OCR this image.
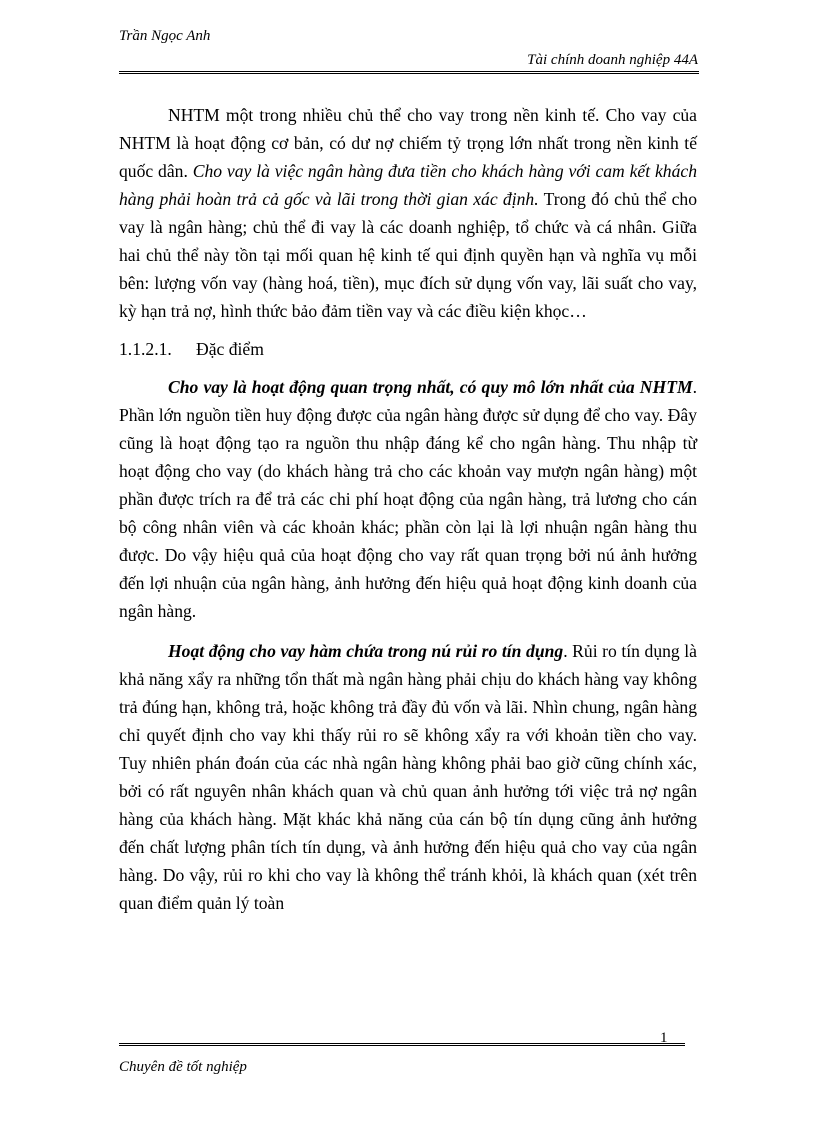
Trần Ngọc Anh
Tài chính doanh nghiệp 44A

NHTM một trong nhiều chủ thể cho vay trong nền kinh tế. Cho vay của NHTM là hoạt động cơ bản, có dư nợ chiếm tỷ trọng lớn nhất trong nền kinh tế quốc dân. Cho vay là việc ngân hàng đưa tiền cho khách hàng với cam kết khách hàng phải hoàn trả cả gốc và lãi trong thời gian xác định. Trong đó chủ thể cho vay là ngân hàng; chủ thể đi vay là các doanh nghiệp, tổ chức và cá nhân. Giữa hai chủ thể này tồn tại mối quan hệ kinh tế qui định quyền hạn và nghĩa vụ mỗi bên: lượng vốn vay (hàng hoá, tiền), mục đích sử dụng vốn vay, lãi suất cho vay, kỳ hạn trả nợ, hình thức bảo đảm tiền vay và các điều kiện khọc…

1.1.2.1. Đặc điểm

Cho vay là hoạt động quan trọng nhất, có quy mô lớn nhất của NHTM. Phần lớn nguồn tiền huy động được của ngân hàng được sử dụng để cho vay. Đây cũng là hoạt động tạo ra nguồn thu nhập đáng kể cho ngân hàng. Thu nhập từ hoạt động cho vay (do khách hàng trả cho các khoản vay mượn ngân hàng) một phần được trích ra để trả các chi phí hoạt động của ngân hàng, trả lương cho cán bộ công nhân viên và các khoản khác; phần còn lại là lợi nhuận ngân hàng thu được. Do vậy hiệu quả của hoạt động cho vay rất quan trọng bởi nú ảnh hưởng đến lợi nhuận của ngân hàng, ảnh hưởng đến hiệu quả hoạt động kinh doanh của ngân hàng.

Hoạt động cho vay hàm chứa trong nú rủi ro tín dụng. Rủi ro tín dụng là khả năng xẩy ra những tổn thất mà ngân hàng phải chịu do khách hàng vay không trả đúng hạn, không trả, hoặc không trả đầy đủ vốn và lãi. Nhìn chung, ngân hàng chỉ quyết định cho vay khi thấy rủi ro sẽ không xẩy ra với khoản tiền cho vay. Tuy nhiên phán đoán của các nhà ngân hàng không phải bao giờ cũng chính xác, bởi có rất nguyên nhân khách quan và chủ quan ảnh hưởng tới việc trả nợ ngân hàng của khách hàng. Mặt khác khả năng của cán bộ tín dụng cũng ảnh hưởng đến chất lượng phân tích tín dụng, và ảnh hưởng đến hiệu quả cho vay của ngân hàng. Do vậy, rủi ro khi cho vay là không thể tránh khỏi, là khách quan (xét trên quan điểm quản lý toàn

1
Chuyên đề tốt nghiệp
